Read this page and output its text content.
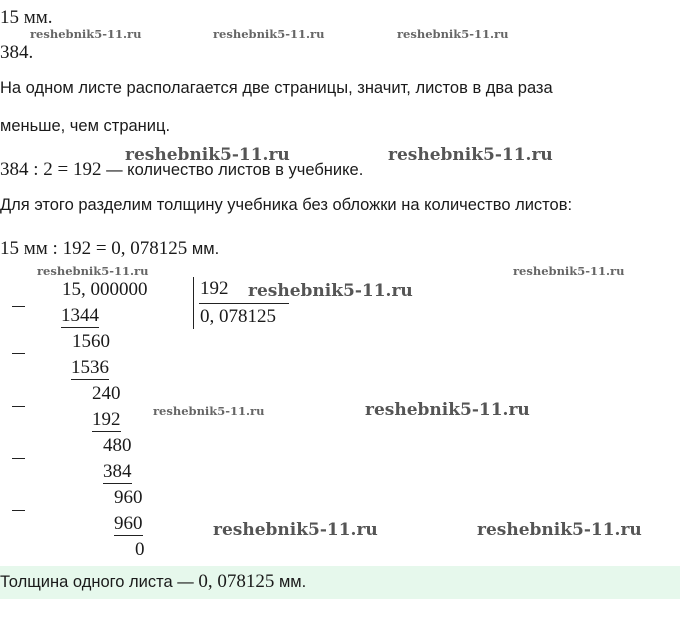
15 мм.
384.
На одном листе располагается две страницы, значит, листов в два раза
меньше, чем страниц.
384 : 2 = 192 — количество листов в учебнике.
Для этого разделим толщину учебника без обложки на количество листов:
15 мм : 192 = 0, 078125 мм.
15, 000000	192
0, 078125
1344
1560
1536
240
192
480
384
960
960
0
Толщина одного листа — 0, 078125 мм.
reshebnik5-11.ru	reshebnik5-11.ru	reshebnik5-11.ru
reshebnik5-11.ru	reshebnik5-11.ru
reshebnik5-11.ru	reshebnik5-11.ru
reshebnik5-11.ru
reshebnik5-11.ru	reshebnik5-11.ru
reshebnik5-11.ru	reshebnik5-11.ru
